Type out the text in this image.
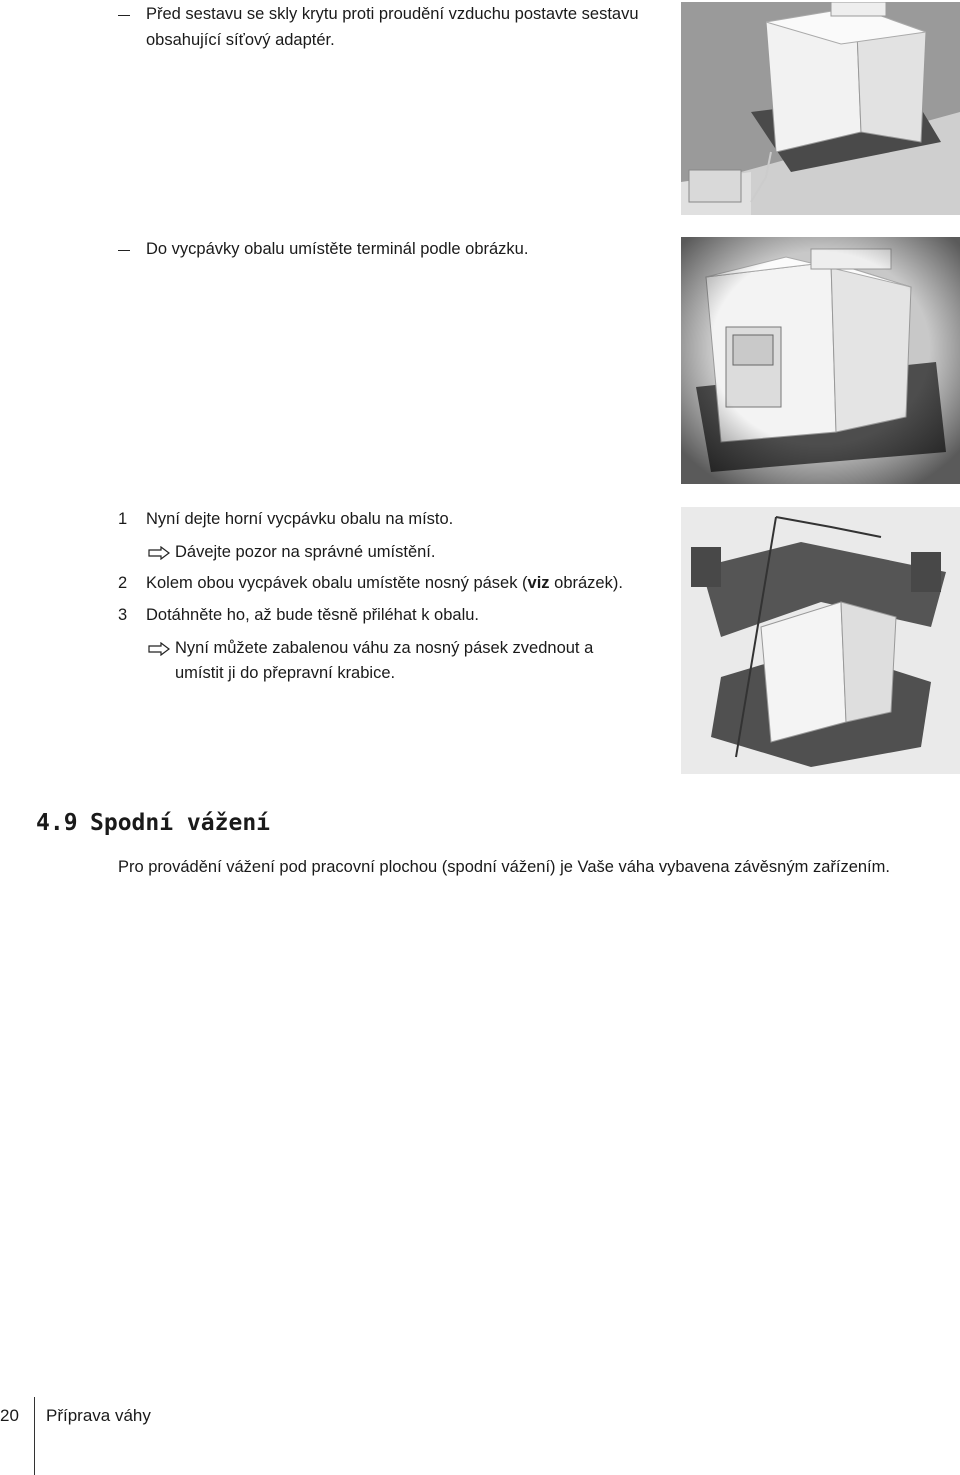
Před sestavu se skly krytu proti proudění vzduchu postavte sestavu
obsahující síťový adaptér.
Do vycpávky obalu umístěte terminál podle obrázku.
1 Nyní dejte horní vycpávku obalu na místo.
Dávejte pozor na správné umístění.
2 Kolem obou vycpávek obalu umístěte nosný pásek (viz obrázek).
3 Dotáhněte ho, až bude těsně přiléhat k obalu.
Nyní můžete zabalenou váhu za nosný pásek zvednout a
umístit ji do přepravní krabice.
4.9 Spodní vážení
Pro provádění vážení pod pracovní plochou (spodní vážení) je Vaše váha vybavena závěsným zařízením.
20 Příprava váhy
